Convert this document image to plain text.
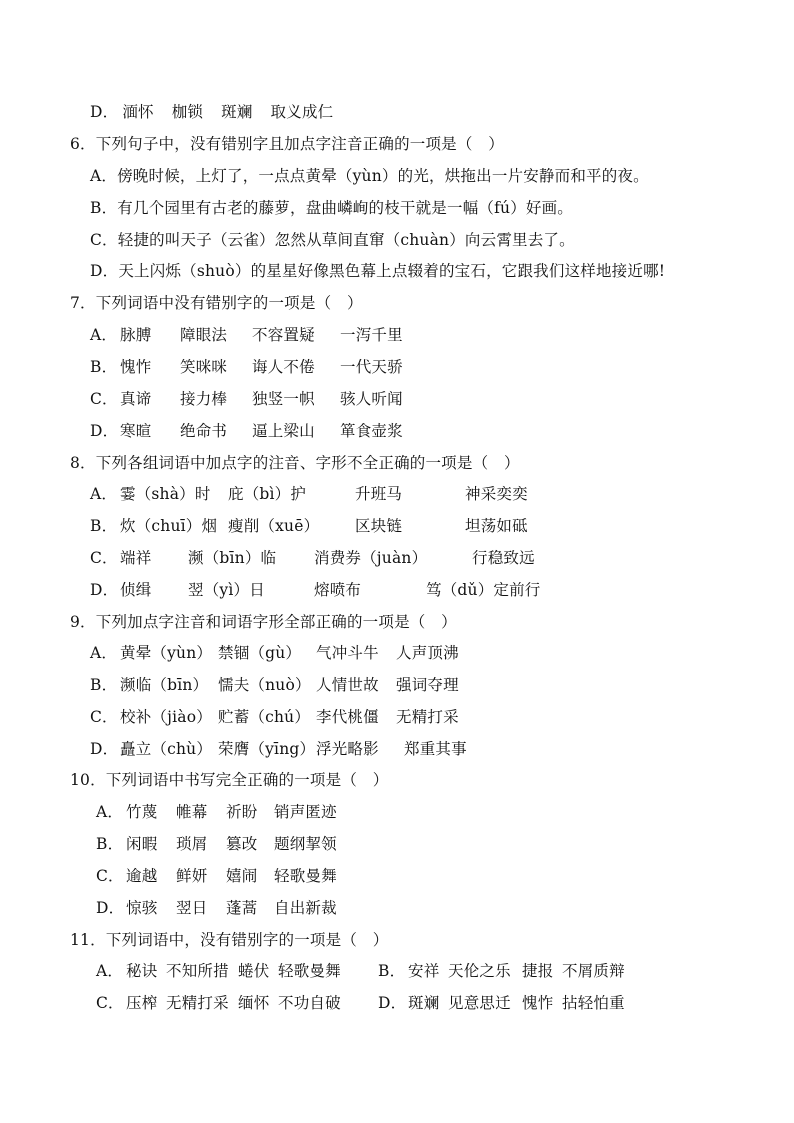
D． 湎怀 枷锁 斑斓 取义成仁
6．下列句子中，没有错别字且加点字注音正确的一项是（　）
A．傍晚时候，上灯了，一点点黄晕（yùn）的光，烘拖出一片安静而和平的夜。
B．有几个园里有古老的藤萝，盘曲嶙峋的枝干就是一幅（fú）好画。
C．轻捷的叫天子（云雀）忽然从草间直窜（chuàn）向云霄里去了。
D．天上闪烁（shuò）的星星好像黑色幕上点辍着的宝石，它跟我们这样地接近哪!
7．下列词语中没有错别字的一项是（　）
A． 脉膊 障眼法 不容置疑 一泻千里
B． 愧怍 笑咪咪 诲人不倦 一代天骄
C． 真谛 接力棒 独竖一帜 骇人听闻
D． 寒暄 绝命书 逼上梁山 箪食壶浆
8．下列各组词语中加点字的注音、字形不全正确的一项是（　）
A． 霎（shà）时 庇（bì）护	升班马	神采奕奕
B． 炊（chuī）烟 瘦削（xuē） 区块链	坦荡如砥
C． 端祥 濒（bīn）临 消费券（juàn）	行稳致远
D． 侦缉 翌（yì）日	熔喷布	笃（dǔ）定前行
9．下列加点字注音和词语字形全部正确的一项是（　）
A． 黄晕（yùn） 禁锢（gù） 气冲斗牛 人声顶沸
B． 濒临（bīn） 懦夫（nuò） 人情世故 强词夺理
C． 校补（jiào） 贮蓄（chú） 李代桃僵 无精打采
D． 矗立（chù） 荣膺（yīng）浮光略影 郑重其事
10．下列词语中书写完全正确的一项是（　）
A． 竹蔑 帷幕 祈盼 销声匿迹
B． 闲暇 琐屑 篡改 题纲挈领
C． 逾越 鲜妍 嬉闹 轻歌曼舞
D． 惊骇 翌日 蓬蒿 自出新裁
11．下列词语中，没有错别字的一项是（　）
A． 秘诀 不知所措 蜷伏 轻歌曼舞 B． 安祥 天伦之乐 捷报 不屑质辩
C． 压榨 无精打采 缅怀 不功自破 D． 斑斓 见意思迁 愧怍 拈轻怕重
